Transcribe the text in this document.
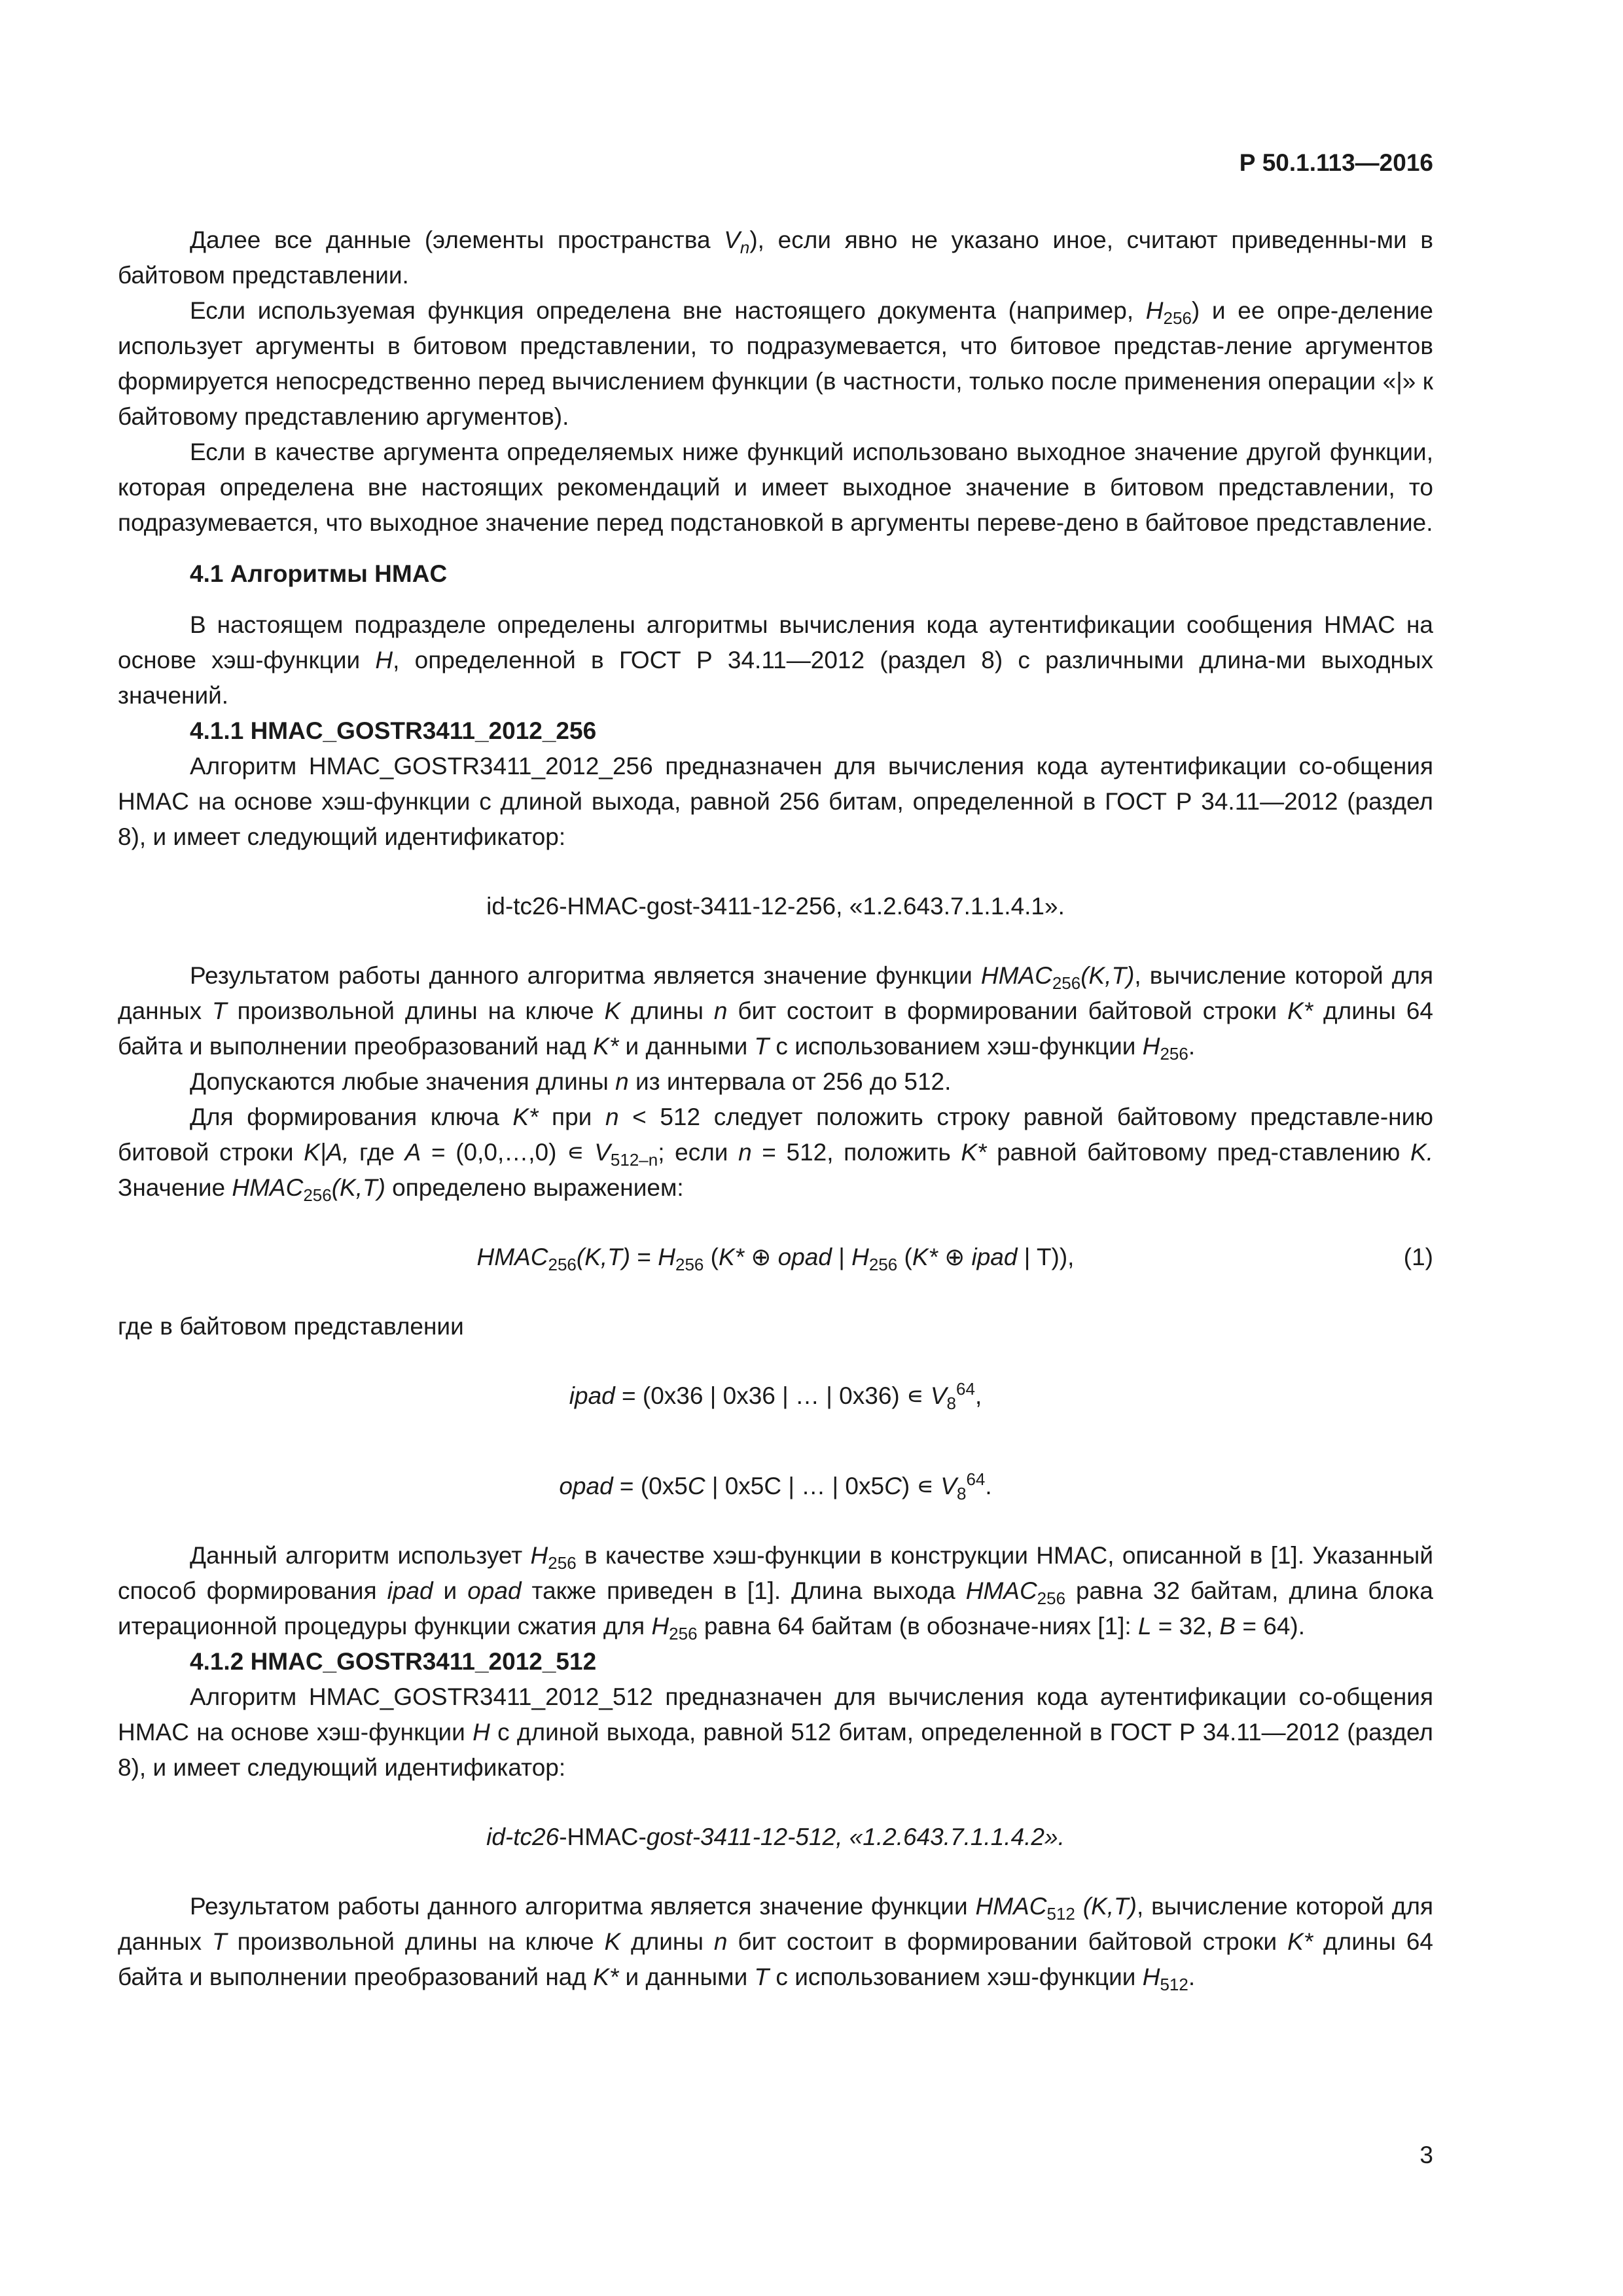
Р 50.1.113—2016

Далее все данные (элементы пространства $V_n$), если явно не указано иное, считают приведенны-ми в байтовом представлении.

Если используемая функция определена вне настоящего документа (например, $H_{256}$) и ее опре-деление использует аргументы в битовом представлении, то подразумевается, что битовое представ-ление аргументов формируется непосредственно перед вычислением функции (в частности, только после применения операции «|» к байтовому представлению аргументов).

Если в качестве аргумента определяемых ниже функций использовано выходное значение другой функции, которая определена вне настоящих рекомендаций и имеет выходное значение в битовом представлении, то подразумевается, что выходное значение перед подстановкой в аргументы переве-дено в байтовое представление.

4.1 Алгоритмы HMAC

В настоящем подразделе определены алгоритмы вычисления кода аутентификации сообщения HMAC на основе хэш-функции H, определенной в ГОСТ Р 34.11—2012 (раздел 8) с различными длина-ми выходных значений.

4.1.1 HMAC_GOSTR3411_2012_256

Алгоритм HMAC_GOSTR3411_2012_256 предназначен для вычисления кода аутентификации со-общения HMAC на основе хэш-функции с длиной выхода, равной 256 битам, определенной в ГОСТ Р 34.11—2012 (раздел 8), и имеет следующий идентификатор:

id-tc26-HMAC-gost-3411-12-256, «1.2.643.7.1.1.4.1».

Результатом работы данного алгоритма является значение функции $HMAC_{256}(K,T)$, вычисление которой для данных T произвольной длины на ключе K длины n бит состоит в формировании байтовой строки K* длины 64 байта и выполнении преобразований над K* и данными T с использованием хэш-функции $H_{256}$.

Допускаются любые значения длины n из интервала от 256 до 512.

Для формирования ключа K* при n < 512 следует положить строку равной байтовому представле-нию битовой строки K|A, где A = (0,0,…,0) ∊ $V_{512-n}$; если n = 512, положить K* равной байтовому пред-ставлению K. Значение $HMAC_{256}(K,T)$ определено выражением:

$HMAC_{256}(K,T) = H_{256}$ (K* ⊕ opad | $H_{256}$ (K* ⊕ ipad | T)),	(1)

где в байтовом представлении

ipad = (0x36 | 0x36 | … | 0x36) ∊ $V_8^{64}$,

opad = (0x5C | 0x5C | … | 0x5C) ∊ $V_8^{64}$.

Данный алгоритм использует $H_{256}$ в качестве хэш-функции в конструкции HMAC, описанной в [1]. Указанный способ формирования ipad и opad также приведен в [1]. Длина выхода $HMAC_{256}$ равна 32 байтам, длина блока итерационной процедуры функции сжатия для $H_{256}$ равна 64 байтам (в обозначе-ниях [1]: L = 32, B = 64).

4.1.2 HMAC_GOSTR3411_2012_512

Алгоритм HMAC_GOSTR3411_2012_512 предназначен для вычисления кода аутентификации со-общения HMAC на основе хэш-функции H с длиной выхода, равной 512 битам, определенной в ГОСТ Р 34.11—2012 (раздел 8), и имеет следующий идентификатор:

id-tc26-HMAC-gost-3411-12-512, «1.2.643.7.1.1.4.2».

Результатом работы данного алгоритма является значение функции $HMAC_{512}$ (K,T), вычисление которой для данных T произвольной длины на ключе K длины n бит состоит в формировании байтовой строки K* длины 64 байта и выполнении преобразований над K* и данными T с использованием хэш-функции $H_{512}$.

3
